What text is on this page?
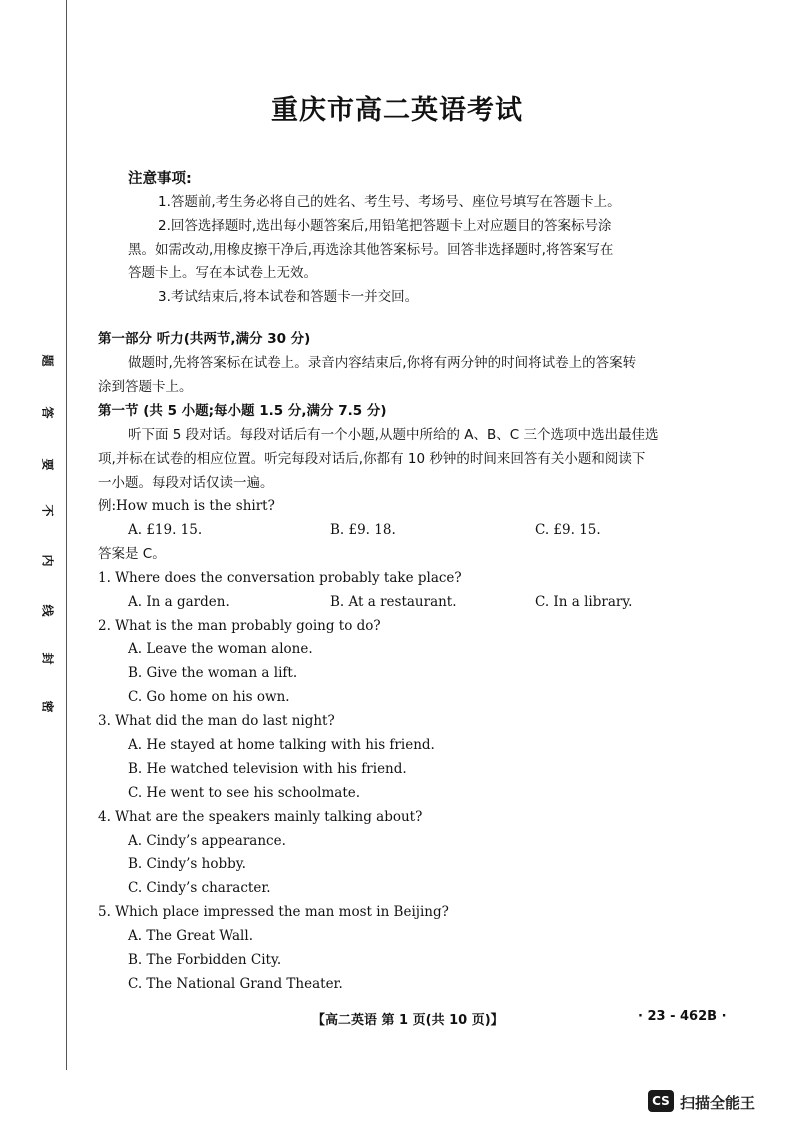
题
答
要
不
内
线
封
密
重庆市高二英语考试
注意事项:
1.答题前,考生务必将自己的姓名、考生号、考场号、座位号填写在答题卡上。
2.回答选择题时,选出每小题答案后,用铅笔把答题卡上对应题目的答案标号涂
黑。如需改动,用橡皮擦干净后,再选涂其他答案标号。回答非选择题时,将答案写在
答题卡上。写在本试卷上无效。
3.考试结束后,将本试卷和答题卡一并交回。
第一部分 听力(共两节,满分 30 分)
做题时,先将答案标在试卷上。录音内容结束后,你将有两分钟的时间将试卷上的答案转
涂到答题卡上。
第一节 (共 5 小题;每小题 1.5 分,满分 7.5 分)
听下面 5 段对话。每段对话后有一个小题,从题中所给的 A、B、C 三个选项中选出最佳选
项,并标在试卷的相应位置。听完每段对话后,你都有 10 秒钟的时间来回答有关小题和阅读下
一小题。每段对话仅读一遍。
例:How much is the shirt?
A. £19. 15.	B. £9. 18.	C. £9. 15.
答案是 C。
1. Where does the conversation probably take place?
A. In a garden.	B. At a restaurant.	C. In a library.
2. What is the man probably going to do?
A. Leave the woman alone.
B. Give the woman a lift.
C. Go home on his own.
3. What did the man do last night?
A. He stayed at home talking with his friend.
B. He watched television with his friend.
C. He went to see his schoolmate.
4. What are the speakers mainly talking about?
A. Cindy’s appearance.
B. Cindy’s hobby.
C. Cindy’s character.
5. Which place impressed the man most in Beijing?
A. The Great Wall.
B. The Forbidden City.
C. The National Grand Theater.
【高二英语 第 1 页(共 10 页)】	· 23 - 462B ·
CS 扫描全能王
